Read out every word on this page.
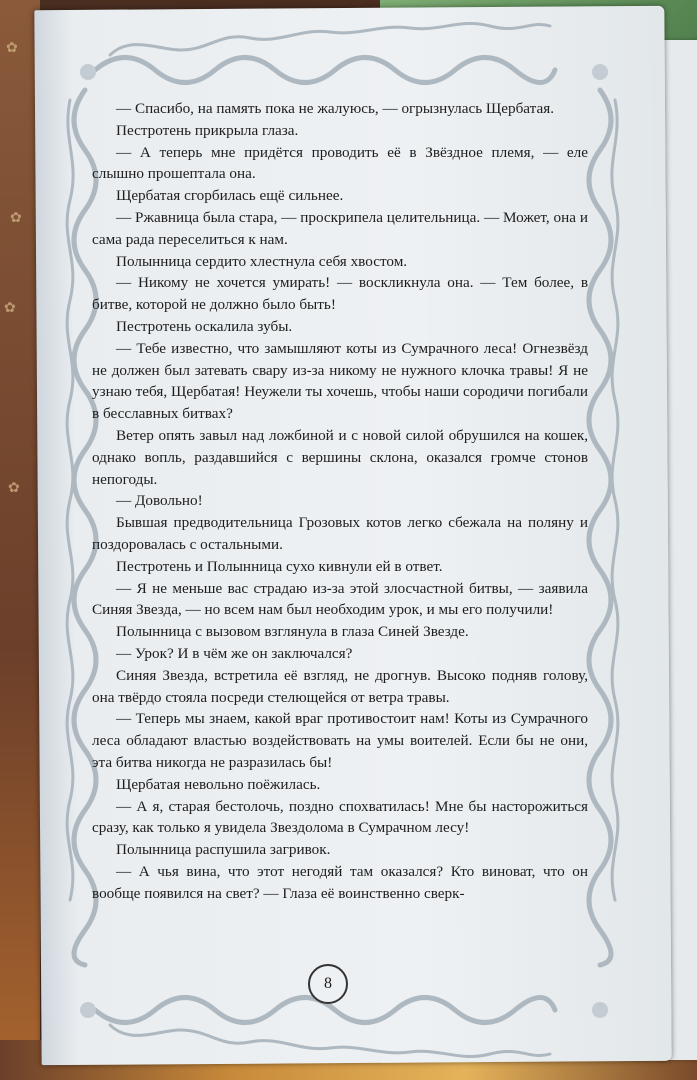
✿
✿
✿
✿

— Спасибо, на память пока не жалуюсь, — огрызнулась Щербатая.

Пестротень прикрыла глаза.

— А теперь мне придётся проводить её в Звёздное племя, — еле слышно прошептала она.

Щербатая сгорбилась ещё сильнее.

— Ржавница была стара, — проскрипела целительница. — Может, она и сама рада переселиться к нам.

Полынница сердито хлестнула себя хвостом.

— Никому не хочется умирать! — воскликнула она. — Тем более, в битве, которой не должно было быть!

Пестротень оскалила зубы.

— Тебе известно, что замышляют коты из Сумрачного леса! Огнезвёзд не должен был затевать свару из-за никому не нужного клочка травы! Я не узнаю тебя, Щербатая! Неужели ты хочешь, чтобы наши сородичи погибали в бесславных битвах?

Ветер опять завыл над ложбиной и с новой силой обрушился на кошек, однако вопль, раздавшийся с вершины склона, оказался громче стонов непогоды.

— Довольно!

Бывшая предводительница Грозовых котов легко сбежала на поляну и поздоровалась с остальными.

Пестротень и Полынница сухо кивнули ей в ответ.

— Я не меньше вас страдаю из-за этой злосчастной битвы, — заявила Синяя Звезда, — но всем нам был необходим урок, и мы его получили!

Полынница с вызовом взглянула в глаза Синей Звезде.

— Урок? И в чём же он заключался?

Синяя Звезда, встретила её взгляд, не дрогнув. Высоко подняв голову, она твёрдо стояла посреди стелющейся от ветра травы.

— Теперь мы знаем, какой враг противостоит нам! Коты из Сумрачного леса обладают властью воздействовать на умы воителей. Если бы не они, эта битва никогда не разразилась бы!

Щербатая невольно поёжилась.

— А я, старая бестолочь, поздно спохватилась! Мне бы насторожиться сразу, как только я увидела Звездолома в Сумрачном лесу!

Полынница распушила загривок.

— А чья вина, что этот негодяй там оказался? Кто виноват, что он вообще появился на свет? — Глаза её воинственно сверк-

8
